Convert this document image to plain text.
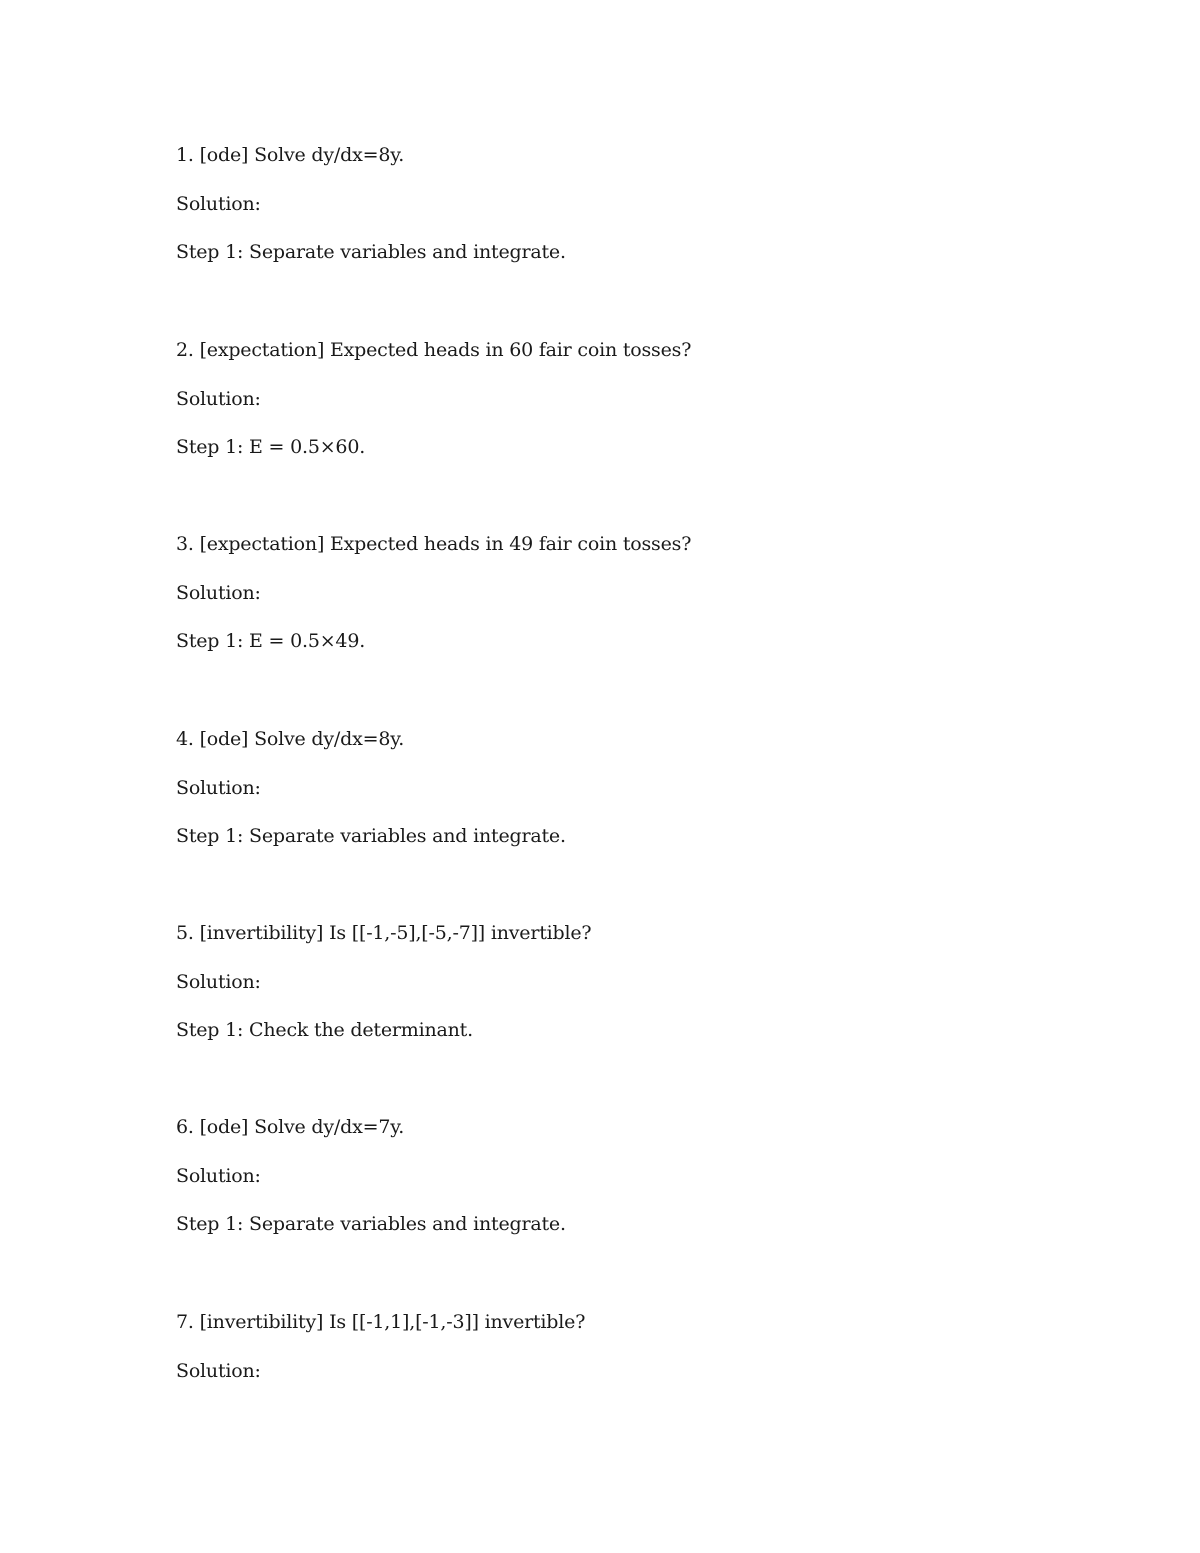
1. [ode] Solve dy/dx=8y.
Solution:
Step 1: Separate variables and integrate.
2. [expectation] Expected heads in 60 fair coin tosses?
Solution:
Step 1: E = 0.5×60.
3. [expectation] Expected heads in 49 fair coin tosses?
Solution:
Step 1: E = 0.5×49.
4. [ode] Solve dy/dx=8y.
Solution:
Step 1: Separate variables and integrate.
5. [invertibility] Is [[-1,-5],[-5,-7]] invertible?
Solution:
Step 1: Check the determinant.
6. [ode] Solve dy/dx=7y.
Solution:
Step 1: Separate variables and integrate.
7. [invertibility] Is [[-1,1],[-1,-3]] invertible?
Solution:
